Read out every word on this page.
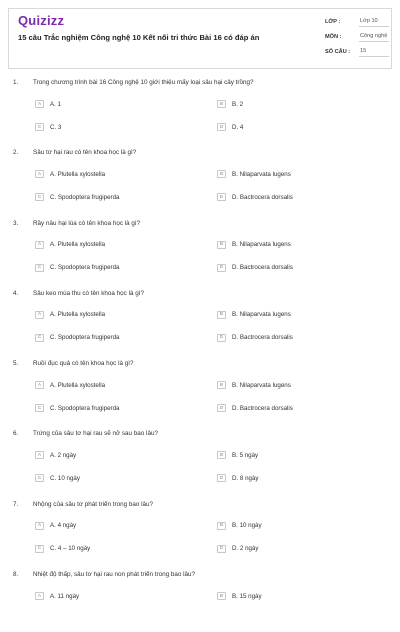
Quizizz
15 câu Trắc nghiệm Công nghệ 10 Kết nối tri thức Bài 16 có đáp án
LỚP :	Lớp 10
MÔN :	Công nghệ
SỐ CÂU :	15
1.	Trong chương trình bài 16 Công nghệ 10 giới thiệu mấy loại sâu hại cây trồng?
A	A. 1	B	B. 2
C	C. 3	D	D. 4
2.	Sâu tơ hại rau có tên khoa học là gì?
A	A. Plutella xylostella	B	B. Nilaparvata lugens
C	C. Spodoptera frugiperda	D	D. Bactrocera dorsalis
3.	Rầy nâu hại lúa có tên khoa học là gì?
A	A. Plutella xylostella	B	B. Nilaparvata lugens
C	C. Spodoptera frugiperda	D	D. Bactrocera dorsalis
4.	Sâu keo mùa thu có tên khoa học là gì?
A	A. Plutella xylostella	B	B. Nilaparvata lugens
C	C. Spodoptera frugiperda	D	D. Bactrocera dorsalis
5.	Ruồi đục quả có tên khoa học là gì?
A	A. Plutella xylostella	B	B. Nilaparvata lugens
C	C. Spodoptera frugiperda	D	D. Bactrocera dorsalis
6.	Trứng của sâu tơ hại rau sẽ nở sau bao lâu?
A	A. 2 ngày	B	B. 5 ngày
C	C. 10 ngày	D	D. 8 ngày
7.	Nhộng của sâu tơ phát triển trong bao lâu?
A	A. 4 ngày	B	B. 10 ngày
C	C. 4 – 10 ngày	D	D. 2 ngày
8.	Nhiệt độ thấp, sâu tơ hại rau non phát triển trong bao lâu?
A	A. 11 ngày	B	B. 15 ngày
